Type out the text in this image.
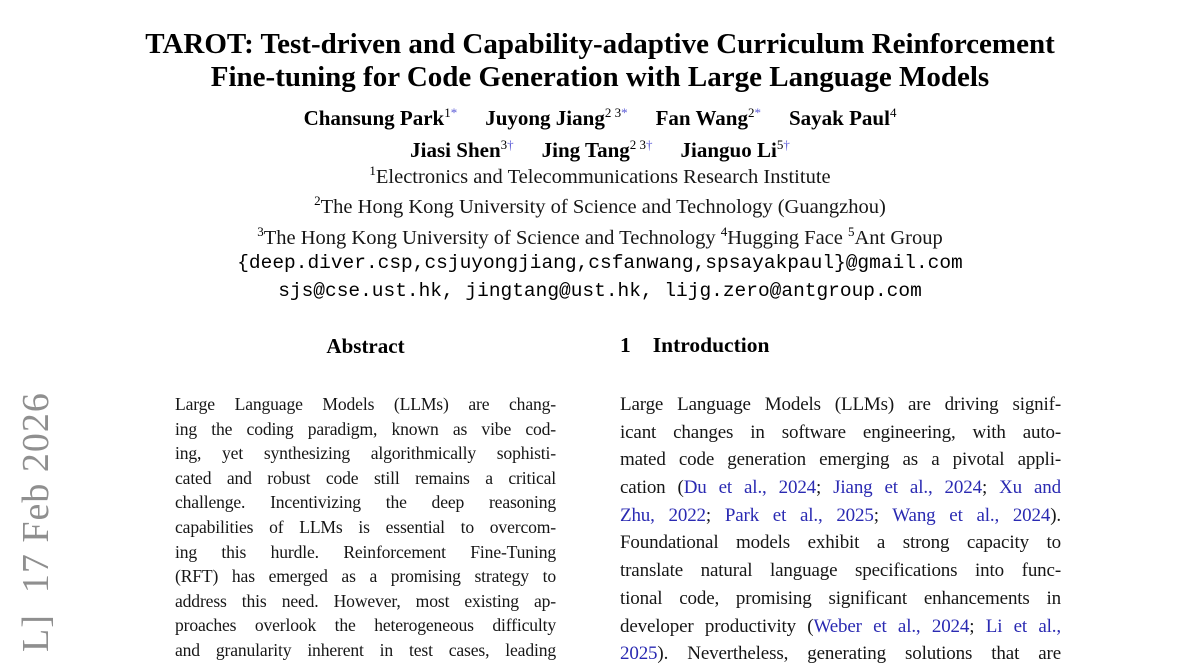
L]  17 Feb 2026
TAROT: Test-driven and Capability-adaptive Curriculum Reinforcement
Fine-tuning for Code Generation with Large Language Models
Chansung Park$^{1*}$ Juyong Jiang$^{2 3*}$ Fan Wang$^{2*}$ Sayak Paul$^4$
Jiasi Shen$^{3\dagger}$ Jing Tang$^{2 3\dagger}$ Jianguo $Li^{5\dagger}$
$^1$Electronics and Telecommunications Research Institute
$^2$The Hong Kong University of Science and Technology (Guangzhou)
$^3$The Hong Kong University of Science and Technology $^4$Hugging Face $^5$Ant Group
{deep.diver.csp,csjuyongjiang,csfanwang,spsayakpaul}@gmail.com
sjs@cse.ust.hk, jingtang@ust.hk, lijg.zero@antgroup.com
Abstract
Large Language Models (LLMs) are chang-
ing the coding paradigm, known as vibe cod-
ing, yet synthesizing algorithmically sophisti-
cated and robust code still remains a critical
challenge. Incentivizing the deep reasoning
capabilities of LLMs is essential to overcom-
ing this hurdle. Reinforcement Fine-Tuning
(RFT) has emerged as a promising strategy to
address this need. However, most existing ap-
proaches overlook the heterogeneous difficulty
and granularity inherent in test cases, leading
1 Introduction
Large Language Models (LLMs) are driving signif-
icant changes in software engineering, with auto-
mated code generation emerging as a pivotal appli-
cation (Du et al., 2024; Jiang et al., 2024; Xu and
Zhu, 2022; Park et al., 2025; Wang et al., 2024).
Foundational models exhibit a strong capacity to
translate natural language specifications into func-
tional code, promising significant enhancements in
developer productivity (Weber et al., 2024; Li et al.,
2025). Nevertheless, generating solutions that are
